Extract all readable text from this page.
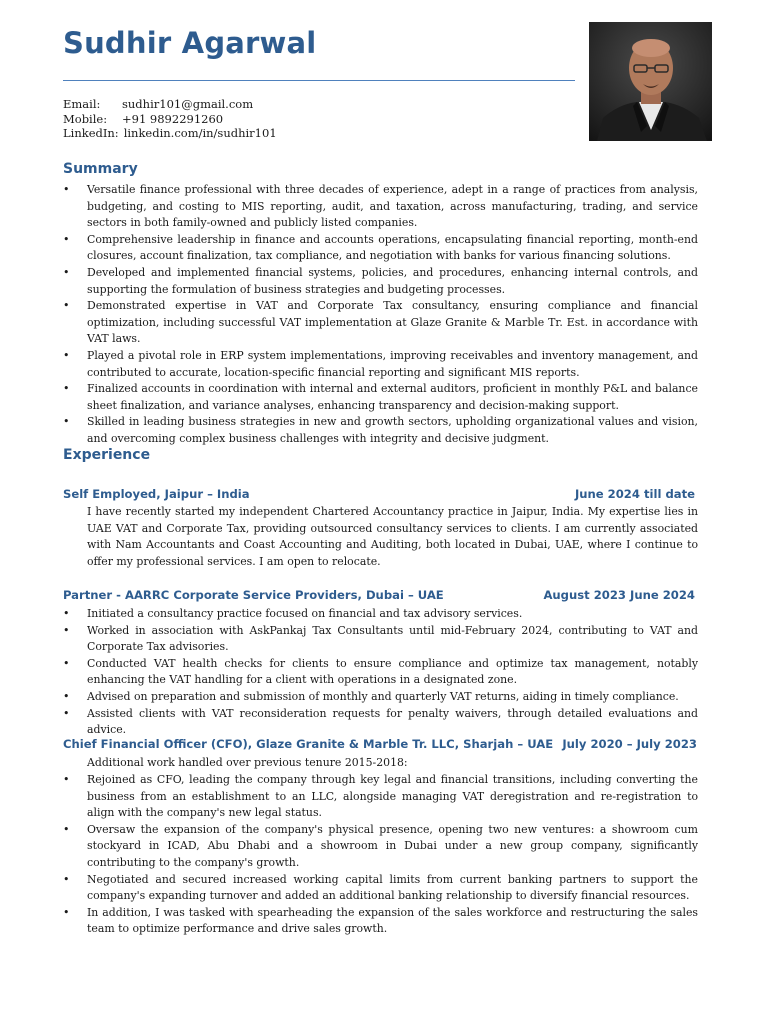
Sudhir Agarwal
Email: sudhir101@gmail.com
Mobile: +91 9892291260
LinkedIn: linkedin.com/in/sudhir101
Summary
• Versatile finance professional with three decades of experience, adept in a range of practices from analysis, budgeting, and costing to MIS reporting, audit, and taxation, across manufacturing, trading, and service sectors in both family-owned and publicly listed companies.
• Comprehensive leadership in finance and accounts operations, encapsulating financial reporting, month-end closures, account finalization, tax compliance, and negotiation with banks for various financing solutions.
• Developed and implemented financial systems, policies, and procedures, enhancing internal controls, and supporting the formulation of business strategies and budgeting processes.
• Demonstrated expertise in VAT and Corporate Tax consultancy, ensuring compliance and financial optimization, including successful VAT implementation at Glaze Granite & Marble Tr. Est. in accordance with VAT laws.
• Played a pivotal role in ERP system implementations, improving receivables and inventory management, and contributed to accurate, location-specific financial reporting and significant MIS reports.
• Finalized accounts in coordination with internal and external auditors, proficient in monthly P&L and balance sheet finalization, and variance analyses, enhancing transparency and decision-making support.
• Skilled in leading business strategies in new and growth sectors, upholding organizational values and vision, and overcoming complex business challenges with integrity and decisive judgment.
Experience
Self Employed, Jaipur – India	June 2024 till date

I have recently started my independent Chartered Accountancy practice in Jaipur, India. My expertise lies in UAE VAT and Corporate Tax, providing outsourced consultancy services to clients. I am currently associated with Nam Accountants and Coast Accounting and Auditing, both located in Dubai, UAE, where I continue to offer my professional services. I am open to relocate.

Partner - AARRC Corporate Service Providers, Dubai – UAE	August 2023 June 2024
• Initiated a consultancy practice focused on financial and tax advisory services.
• Worked in association with AskPankaj Tax Consultants until mid-February 2024, contributing to VAT and Corporate Tax advisories.
• Conducted VAT health checks for clients to ensure compliance and optimize tax management, notably enhancing the VAT handling for a client with operations in a designated zone.
• Advised on preparation and submission of monthly and quarterly VAT returns, aiding in timely compliance.
• Assisted clients with VAT reconsideration requests for penalty waivers, through detailed evaluations and advice.
Chief Financial Officer (CFO), Glaze Granite & Marble Tr. LLC, Sharjah – UAE July 2020 – July 2023

Additional work handled over previous tenure 2015-2018:

• Rejoined as CFO, leading the company through key legal and financial transitions, including converting the business from an establishment to an LLC, alongside managing VAT deregistration and re-registration to align with the company's new legal status.
• Oversaw the expansion of the company's physical presence, opening two new ventures: a showroom cum stockyard in ICAD, Abu Dhabi and a showroom in Dubai under a new group company, significantly contributing to the company's growth.
• Negotiated and secured increased working capital limits from current banking partners to support the company's expanding turnover and added an additional banking relationship to diversify financial resources.
• In addition, I was tasked with spearheading the expansion of the sales workforce and restructuring the sales team to optimize performance and drive sales growth.
